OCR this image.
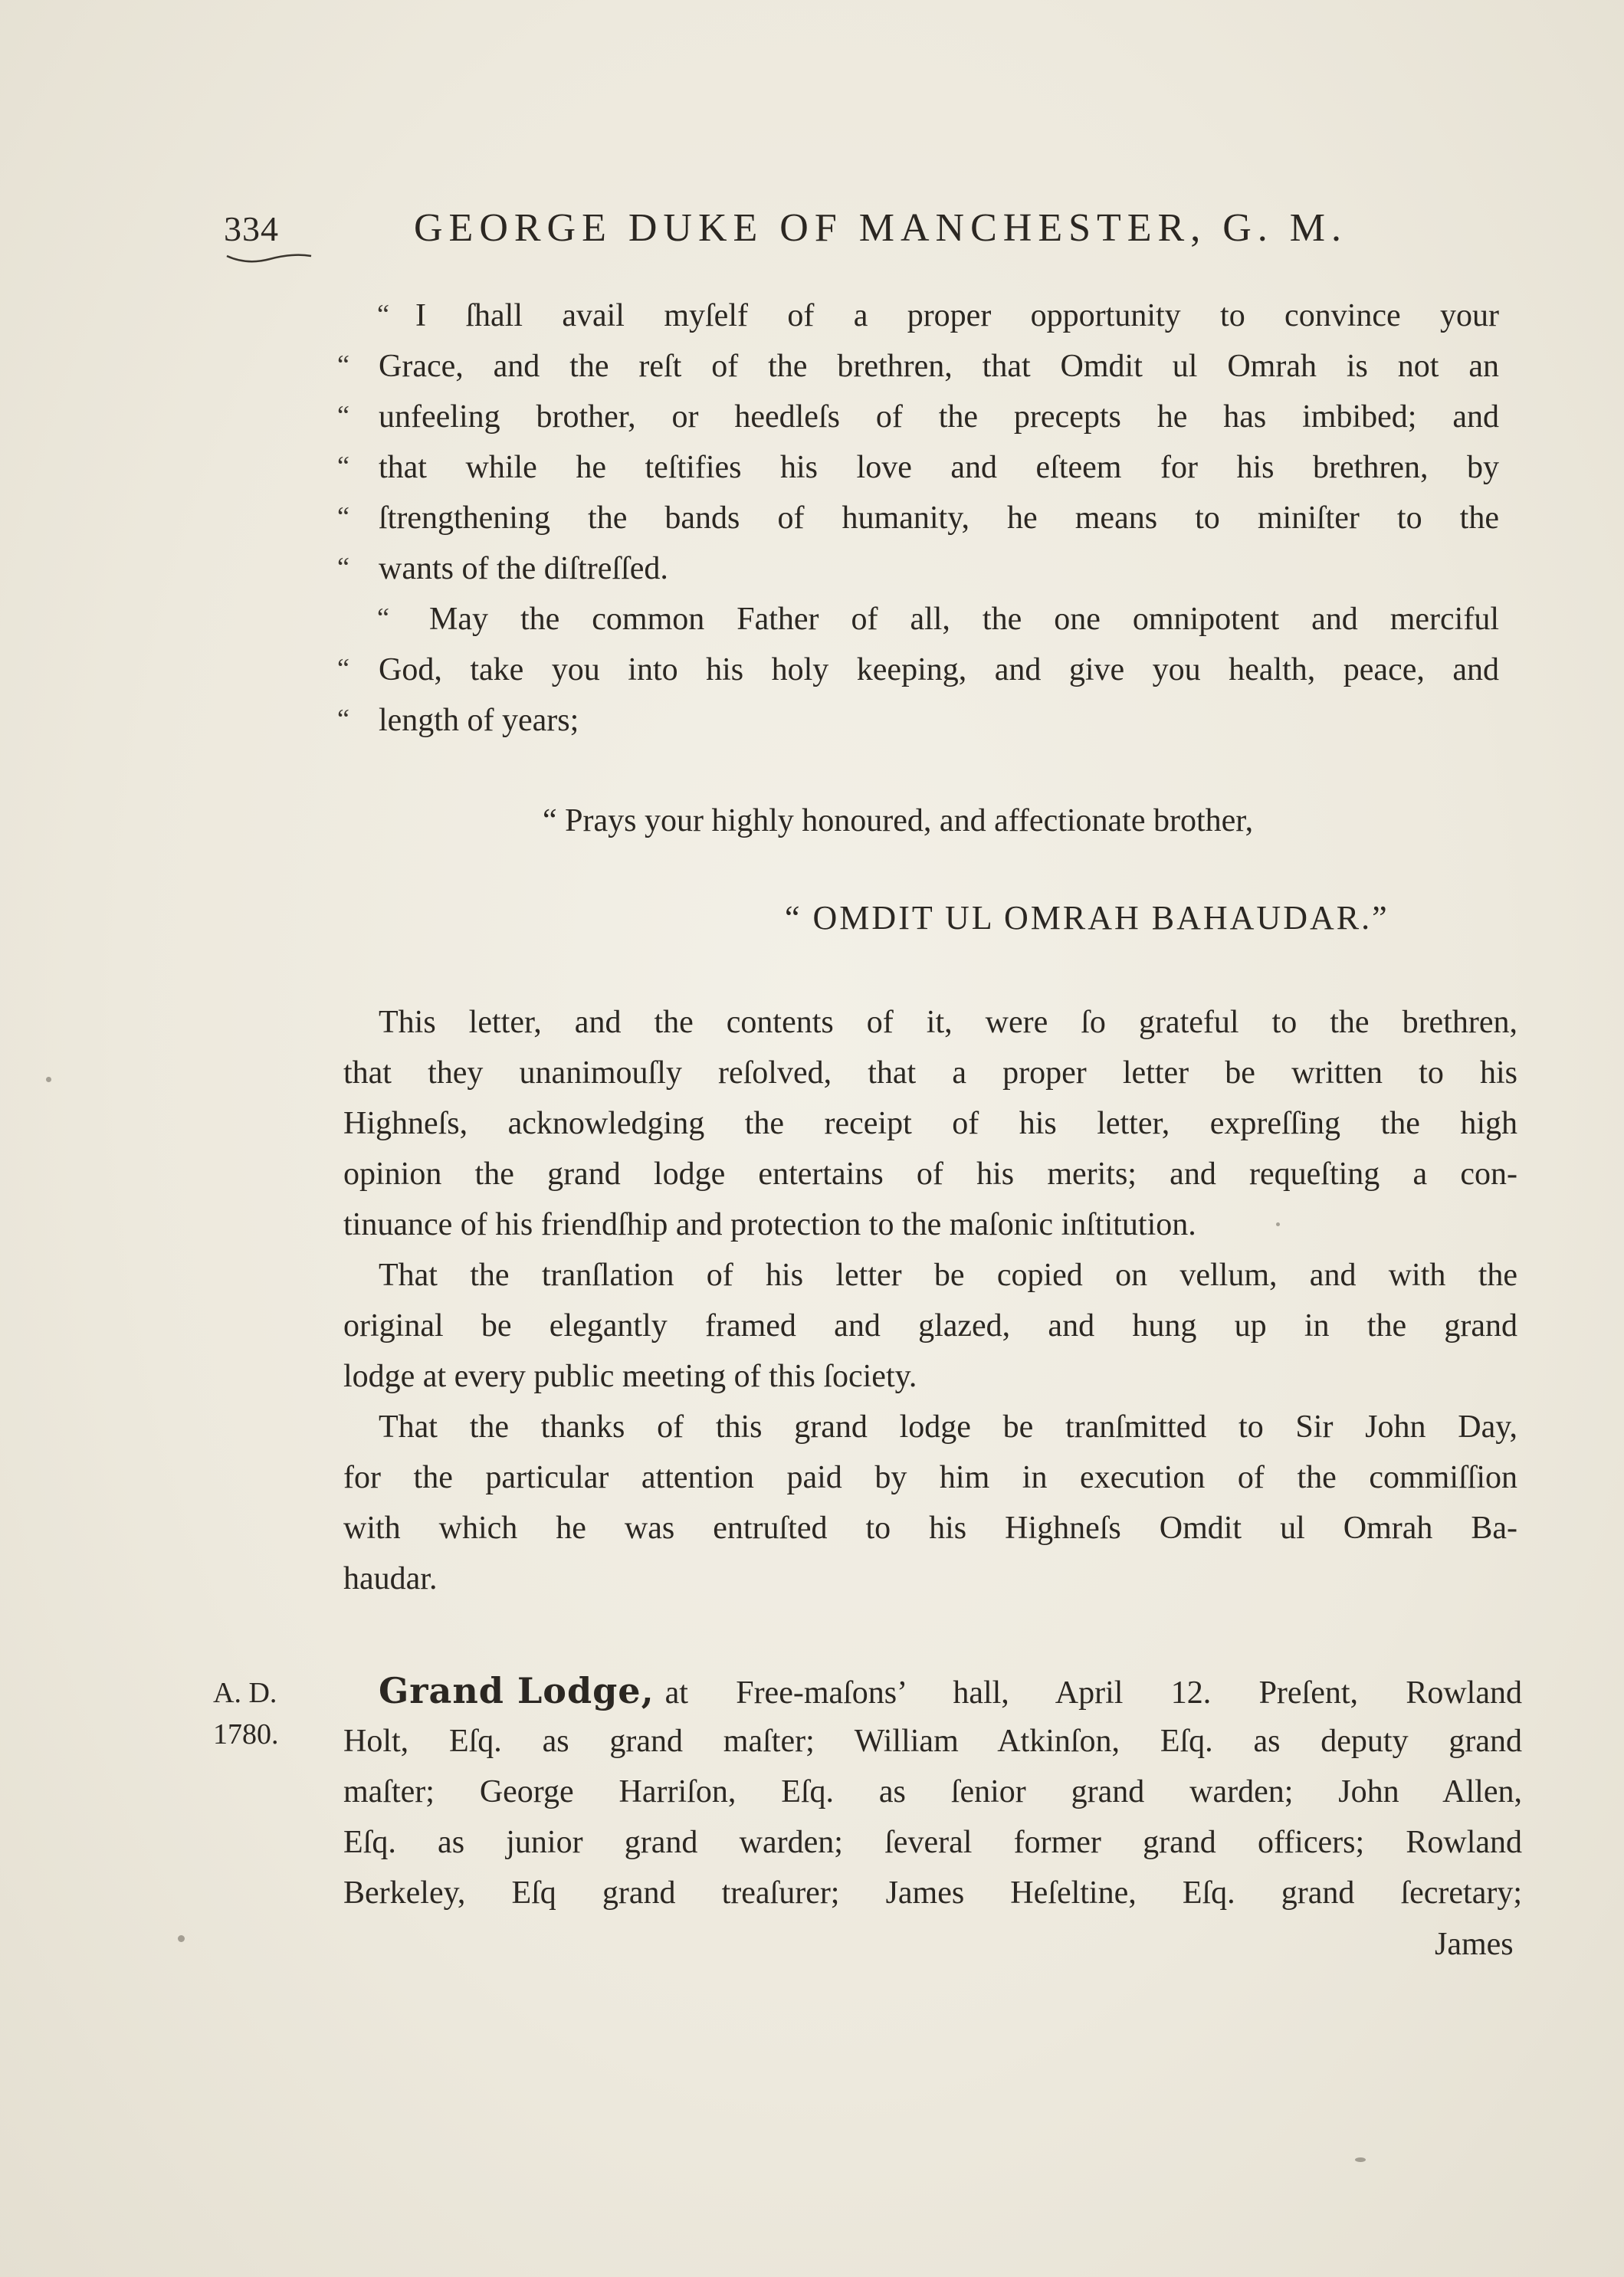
334	GEORGE DUKE OF MANCHESTER, G. M.
“ I ſhall avail myſelf of a proper opportunity to convince your
“ Grace, and the reſt of the brethren, that Omdit ul Omrah is not an
“ unfeeling brother, or heedleſs of the precepts he has imbibed; and
“ that while he teſtifies his love and eſteem for his brethren, by
“ ſtrengthening the bands of humanity, he means to miniſter to the
“ wants of the diſtreſſed.
“ May the common Father of all, the one omnipotent and merciful
“ God, take you into his holy keeping, and give you health, peace, and
“ length of years;
“ Prays your highly honoured, and affectionate brother,
“ OMDIT UL OMRAH BAHAUDAR.”
This letter, and the contents of it, were ſo grateful to the brethren,
that they unanimouſly reſolved, that a proper letter be written to his
Highneſs, acknowledging the receipt of his letter, expreſſing the high
opinion the grand lodge entertains of his merits; and requeſting a con-
tinuance of his friendſhip and protection to the maſonic inſtitution.
That the tranſlation of his letter be copied on vellum, and with the
original be elegantly framed and glazed, and hung up in the grand
lodge at every public meeting of this ſociety.
That the thanks of this grand lodge be tranſmitted to Sir John Day,
for the particular attention paid by him in execution of the commiſſion
with which he was entruſted to his Highneſs Omdit ul Omrah Ba-
haudar.
A. D.
1780.
Grand Lodge, at Free-maſons’ hall, April 12. Preſent, Rowland
Holt, Eſq. as grand maſter; William Atkinſon, Eſq. as deputy grand
maſter; George Harriſon, Eſq. as ſenior grand warden; John Allen,
Eſq. as junior grand warden; ſeveral former grand officers; Rowland
Berkeley, Eſq grand treaſurer; James Heſeltine, Eſq. grand ſecretary;
James
